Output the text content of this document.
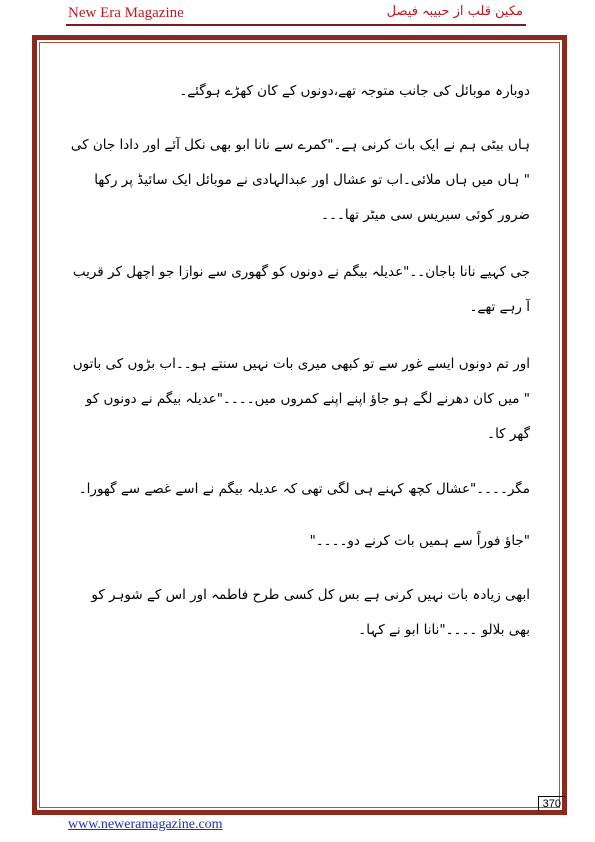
New Era Magazine	مکین قلب از حبیبہ فیصل

دوبارہ موبائل کی جانب متوجہ تھے،دونوں کے کان کھڑے ہوگئے۔

ہاں بیٹی ہم نے ایک بات کرنی ہے۔"کمرے سے نانا ابو بھی نکل آئے اور دادا جان کی " ہاں میں ہاں ملائی۔اب تو عشال اور عبدالہادی نے موبائل ایک سائیڈ پر رکھا ضرور کوئی سیریس سی میٹر تھا۔۔۔

جی کہیے نانا باجان۔۔"عدیلہ بیگم نے دونوں کو گھوری سے نوازا جو اچھل کر قریب آ رہے تھے۔

اور تم دونوں ایسے غور سے تو کبھی میری بات نہیں سنتے ہو۔۔اب بڑوں کی باتوں " میں کان دھرنے لگے ہو جاؤ اپنے اپنے کمروں میں۔۔۔۔"عدیلہ بیگم نے دونوں کو گھر کا۔

مگر۔۔۔۔"عشال کچھ کہنے ہی لگی تھی کہ عدیلہ بیگم نے اسے غصے سے گھورا۔

"جاؤ فوراً سے ہمیں بات کرنے دو۔۔۔۔"

ابھی زیادہ بات نہیں کرنی ہے بس کل کسی طرح فاطمہ اور اس کے شوہر کو بھی بلالو ۔۔۔۔"نانا ابو نے کہا۔

370
www.neweramagazine.com
